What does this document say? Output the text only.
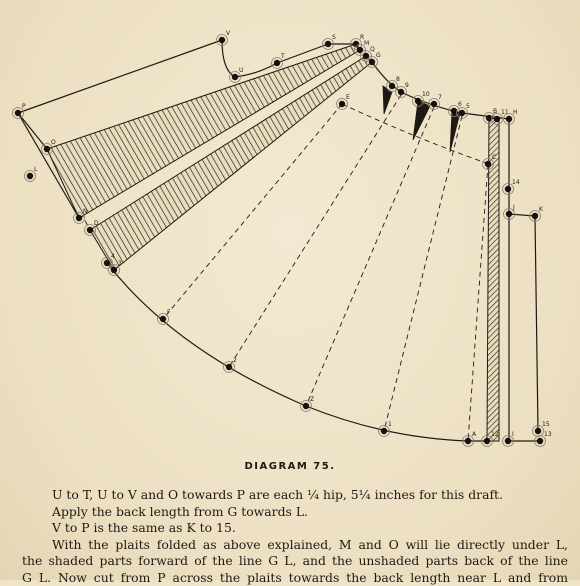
P
V
U
T
S	R
M
Q
G
E
8
9
10 7
6 5
B 11 H
O
C
14
K
J
N
D
4
3
F
2
Z
1
A 12 I
15
13
L
DIAGRAM 75.

U to T, U to V and O towards P are each ¼ hip, 5¼ inches for this draft.

Apply the back length from G towards L.

V to P is the same as K to 15.

With the plaits folded as above explained, M and O will lie directly under L,

the shaded parts forward of the line G L, and the unshaded parts back of the line

G L. Now cut from P across the plaits towards the back length near L and from
